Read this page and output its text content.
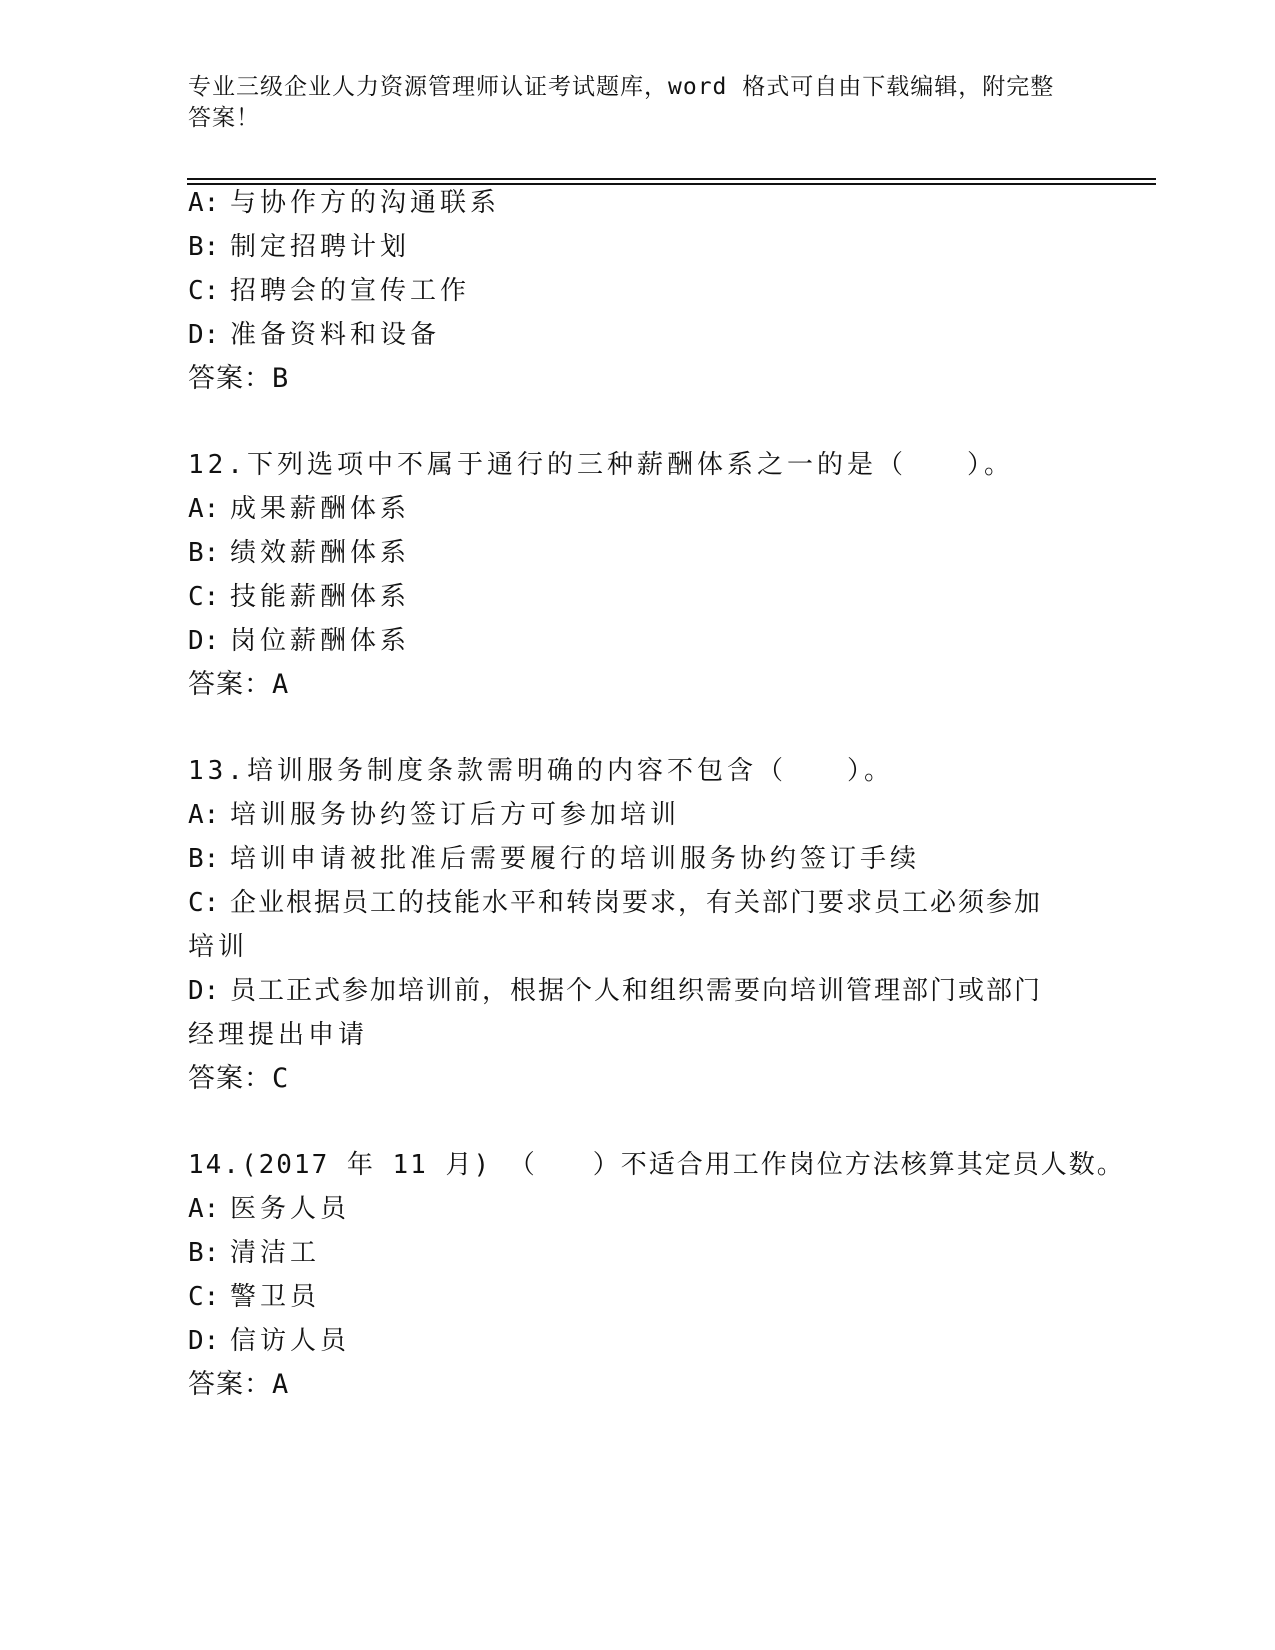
专业三级企业人力资源管理师认证考试题库，word 格式可自由下载编辑，附完整
答案！
A: 与协作方的沟通联系
B: 制定招聘计划
C: 招聘会的宣传工作
D: 准备资料和设备
答案：B
12.下列选项中不属于通行的三种薪酬体系之一的是（　　）。
A: 成果薪酬体系
B: 绩效薪酬体系
C: 技能薪酬体系
D: 岗位薪酬体系
答案：A
13.培训服务制度条款需明确的内容不包含（　　）。
A: 培训服务协约签订后方可参加培训
B: 培训申请被批准后需要履行的培训服务协约签订手续
C: 企业根据员工的技能水平和转岗要求，有关部门要求员工必须参加
培训
D: 员工正式参加培训前，根据个人和组织需要向培训管理部门或部门
经理提出申请
答案：C
14.(2017 年 11 月) （　　）不适合用工作岗位方法核算其定员人数。
A: 医务人员
B: 清洁工
C: 警卫员
D: 信访人员
答案：A
